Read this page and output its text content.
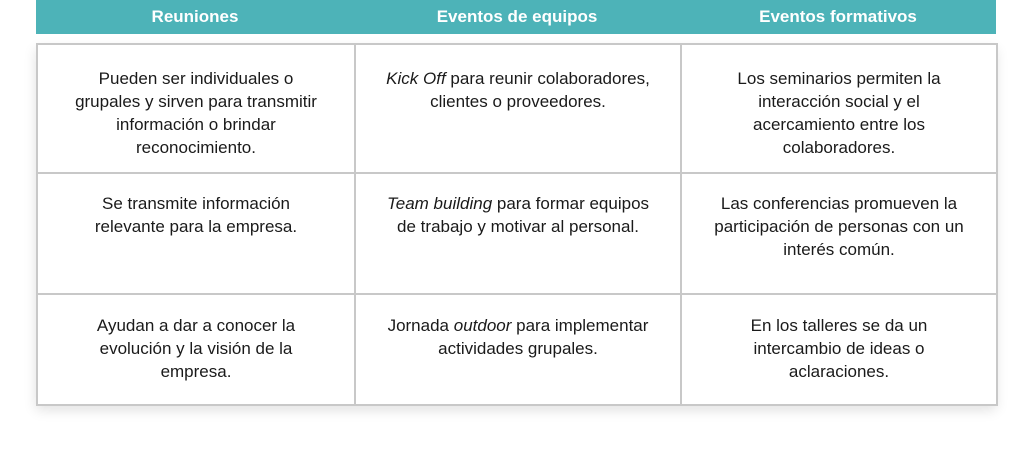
Reuniones	Eventos de equipos	Eventos formativos
Pueden ser individuales o grupales y sirven para transmitir información o brindar reconocimiento.	Kick Off para reunir colaboradores, clientes o proveedores.	Los seminarios permiten la interacción social y el acercamiento entre los colaboradores.
Se transmite información relevante para la empresa.	Team building para formar equipos de trabajo y motivar al personal.	Las conferencias promueven la participación de personas con un interés común.
Ayudan a dar a conocer la evolución y la visión de la empresa.	Jornada outdoor para implementar actividades grupales.	En los talleres se da un intercambio de ideas o aclaraciones.
